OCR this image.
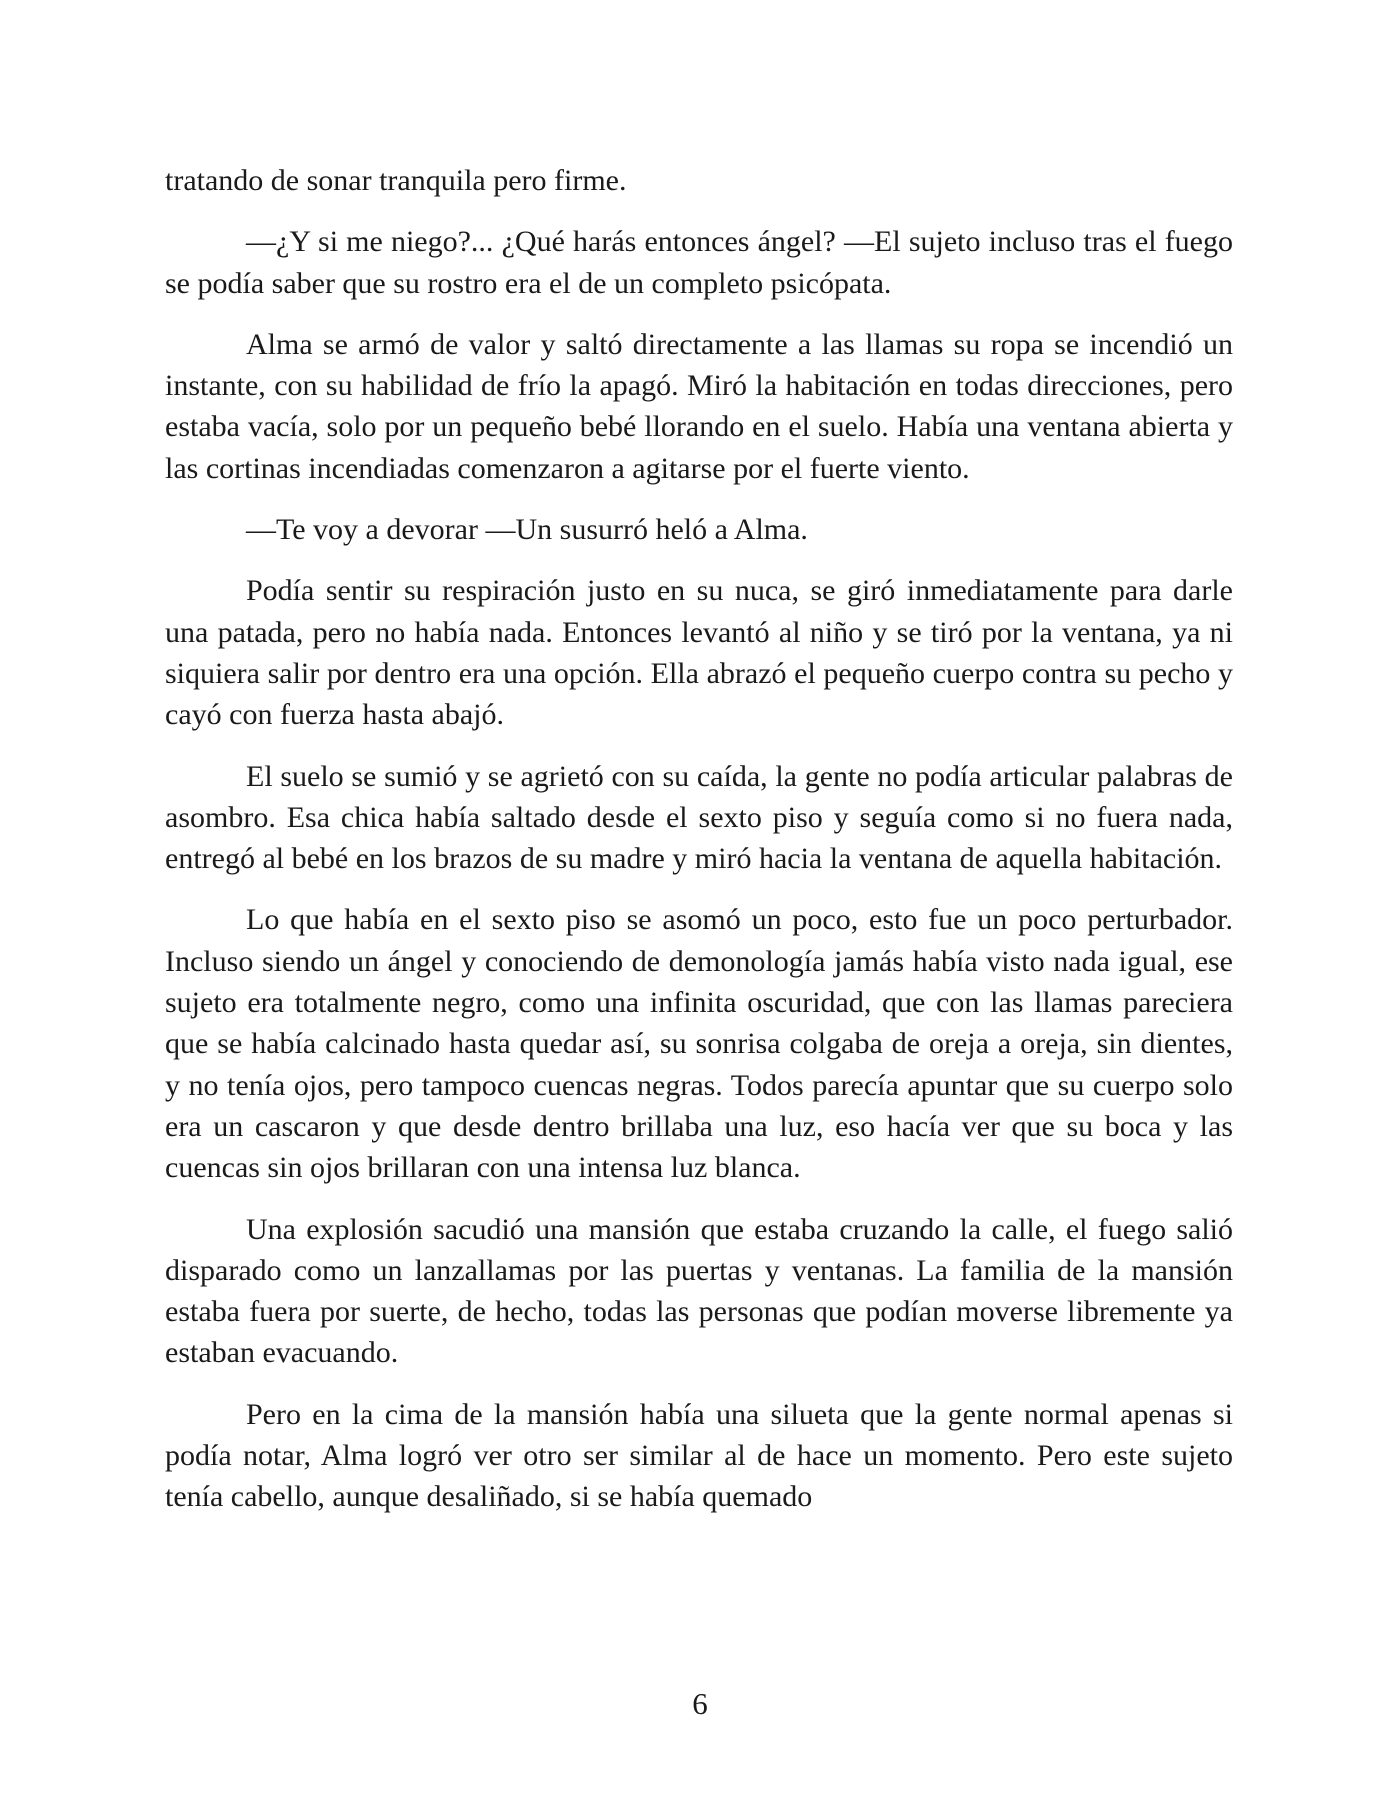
tratando de sonar tranquila pero firme.

—¿Y si me niego?... ¿Qué harás entonces ángel? —El sujeto incluso tras el fuego se podía saber que su rostro era el de un completo psicópata.

Alma se armó de valor y saltó directamente a las llamas su ropa se incendió un instante, con su habilidad de frío la apagó. Miró la habitación en todas direcciones, pero estaba vacía, solo por un pequeño bebé llorando en el suelo. Había una ventana abierta y las cortinas incendiadas comenzaron a agitarse por el fuerte viento.

—Te voy a devorar —Un susurró heló a Alma.

Podía sentir su respiración justo en su nuca, se giró inmediatamente para darle una patada, pero no había nada. Entonces levantó al niño y se tiró por la ventana, ya ni siquiera salir por dentro era una opción. Ella abrazó el pequeño cuerpo contra su pecho y cayó con fuerza hasta abajó.

El suelo se sumió y se agrietó con su caída, la gente no podía articular palabras de asombro. Esa chica había saltado desde el sexto piso y seguía como si no fuera nada, entregó al bebé en los brazos de su madre y miró hacia la ventana de aquella habitación.

Lo que había en el sexto piso se asomó un poco, esto fue un poco perturbador. Incluso siendo un ángel y conociendo de demonología jamás había visto nada igual, ese sujeto era totalmente negro, como una infinita oscuridad, que con las llamas pareciera que se había calcinado hasta quedar así, su sonrisa colgaba de oreja a oreja, sin dientes, y no tenía ojos, pero tampoco cuencas negras. Todos parecía apuntar que su cuerpo solo era un cascaron y que desde dentro brillaba una luz, eso hacía ver que su boca y las cuencas sin ojos brillaran con una intensa luz blanca.

Una explosión sacudió una mansión que estaba cruzando la calle, el fuego salió disparado como un lanzallamas por las puertas y ventanas. La familia de la mansión estaba fuera por suerte, de hecho, todas las personas que podían moverse libremente ya estaban evacuando.

Pero en la cima de la mansión había una silueta que la gente normal apenas si podía notar, Alma logró ver otro ser similar al de hace un momento. Pero este sujeto tenía cabello, aunque desaliñado, si se había quemado

6
